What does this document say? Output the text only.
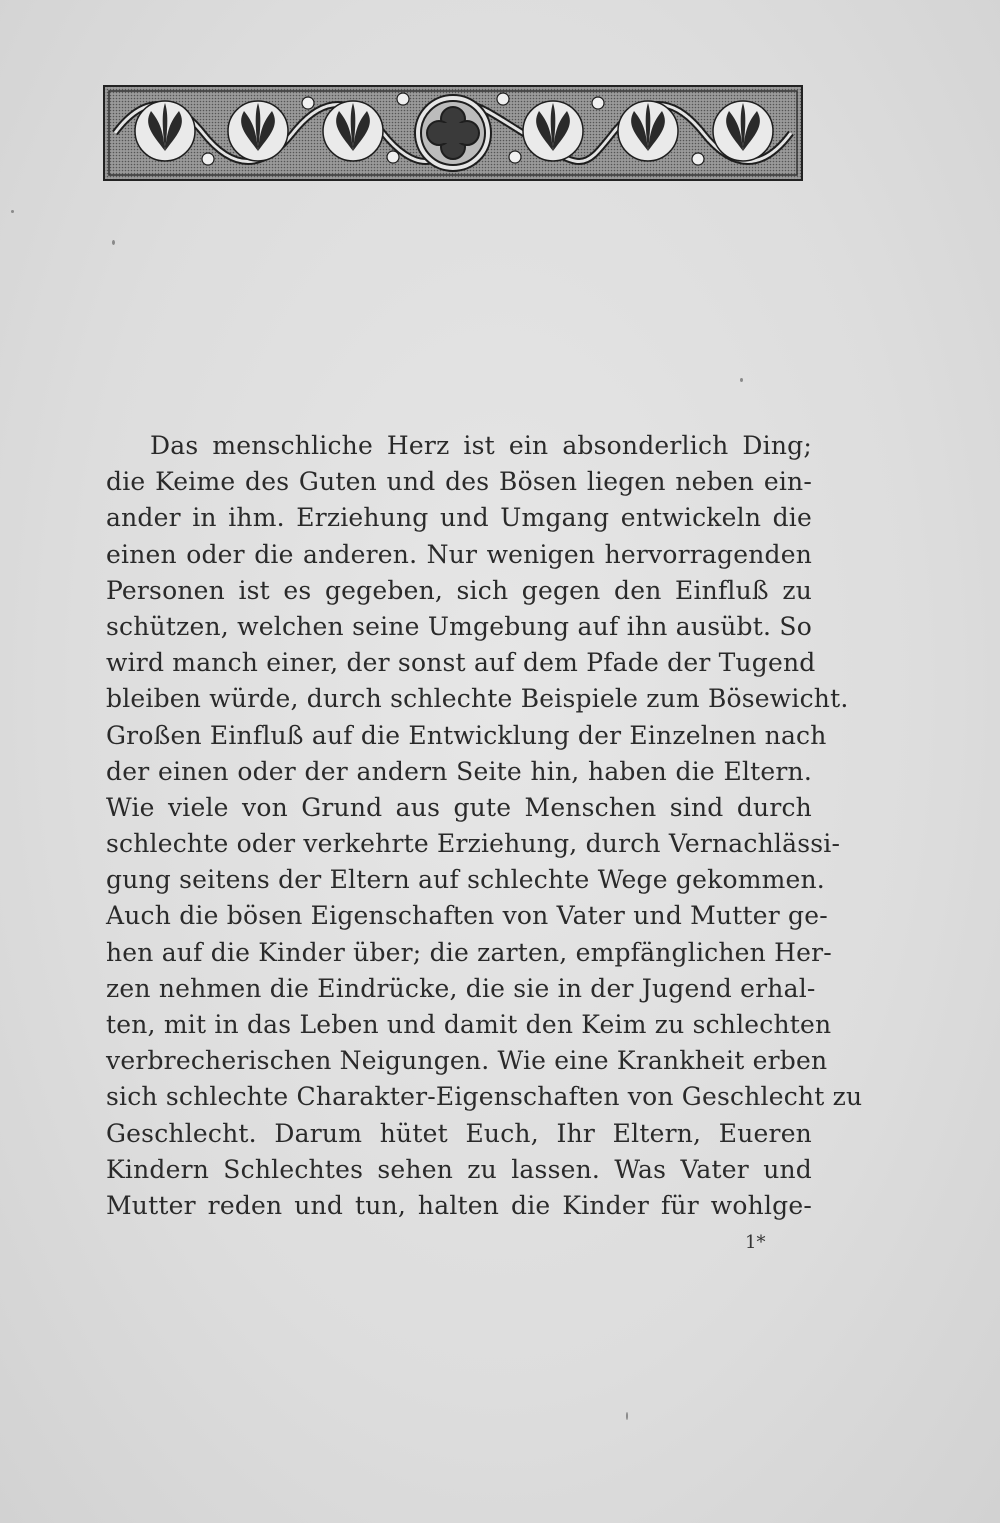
Das menschliche Herz ist ein absonderlich Ding;
die Keime des Guten und des Bösen liegen neben ein-
ander in ihm. Erziehung und Umgang entwickeln die
einen oder die anderen. Nur wenigen hervorragenden
Personen ist es gegeben, sich gegen den Einfluß zu
schützen, welchen seine Umgebung auf ihn ausübt. So
wird manch einer, der sonst auf dem Pfade der Tugend
bleiben würde, durch schlechte Beispiele zum Bösewicht.
Großen Einfluß auf die Entwicklung der Einzelnen nach
der einen oder der andern Seite hin, haben die Eltern.
Wie viele von Grund aus gute Menschen sind durch
schlechte oder verkehrte Erziehung, durch Vernachlässi-
gung seitens der Eltern auf schlechte Wege gekommen.
Auch die bösen Eigenschaften von Vater und Mutter ge-
hen auf die Kinder über; die zarten, empfänglichen Her-
zen nehmen die Eindrücke, die sie in der Jugend erhal-
ten, mit in das Leben und damit den Keim zu schlechten
verbrecherischen Neigungen. Wie eine Krankheit erben
sich schlechte Charakter-Eigenschaften von Geschlecht zu
Geschlecht. Darum hütet Euch, Ihr Eltern, Eueren
Kindern Schlechtes sehen zu lassen. Was Vater und
Mutter reden und tun, halten die Kinder für wohlge-
1*
